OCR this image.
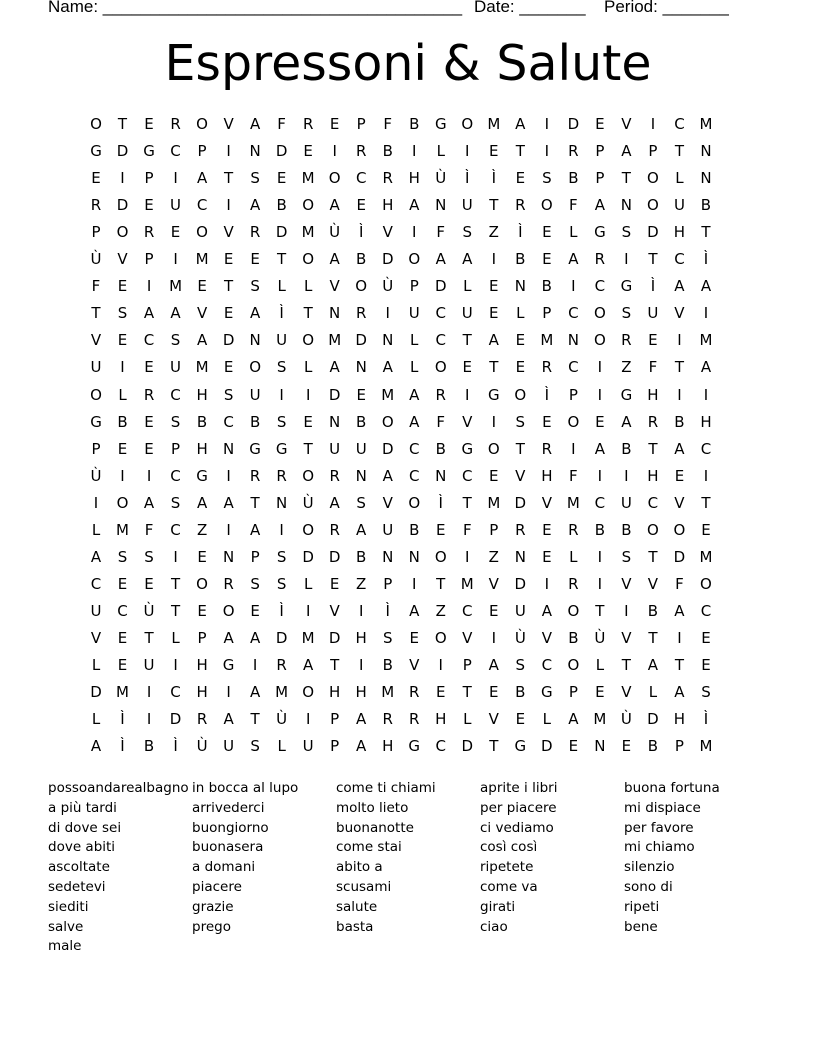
Name: ______________________________________ Date: _______ Period: _______
Espressoni & Salute
O	T	E	R	O	V	A	F	R	E	P	F	B	G O M A	I	D	E	V	I	C M
G D G	C	P	I	N D	E	I	R	B	I	L	I	E	T	I	R	P	A	P	T	N
E	I	P	I	A	T	S	E	M O	C	R	H	Ù	Ì	Ì	E	S	B	P	T	O	L	N
R	D	E	U	C	I	A	B	O	A	E	H	A	N	U	T	R	O	F	A	N O	U	B
P	O	R	E	O	V	R	D M Ù	Ì	V	I	F	S	Z	Ì	E	L	G	S	D H	T
Ù	V	P	I	M	E	E	T	O	A	B	D O	A	A	I	B	E	A	R	I	T	C	Ì
F	E	I	M	E	T	S	L	L	V	O	Ù	P	D	L	E	N	B	I	C	G	Ì	A	A
T	S	A	A	V	E	A	Ì	T	N	R	I	U	C	U	E	L	P	C	O	S	U	V	I
V	E	C	S	A	D N	U	O M D N	L	C	T	A	E	M N O	R	E	I	M
U	I	E	U M	E	O	S	L	A	N	A	L	O	E	T	E	R	C	I	Z	F	T	A
O	L	R	C	H	S	U	I	I	D	E	M A	R	I	G O	Ì	P	I	G H	I	I
G	B	E	S	B	C	B	S	E	N	B	O	A	F	V	I	S	E	O	E	A	R	B	H
P	E	E	P	H N G G	T	U	U	D	C	B	G O	T	R	I	A	B	T	A	C
Ù	I	I	C	G	I	R	R	O	R	N	A	C	N	C	E	V	H	F	I	I	H	E	I
I	O	A	S	A	A	T	N	Ù	A	S	V	O	Ì	T	M D	V M C	U	C	V	T
L	M	F	C	Z	I	A	I	O	R	A	U	B	E	F	P	R	E	R	B	B	O O	E
A	S	S	I	E	N	P	S	D D	B	N N O	I	Z	N	E	L	I	S	T	D M
C	E	E	T	O	R	S	S	L	E	Z	P	I	T	M V	D	I	R	I	V	V	F	O
U	C	Ù	T	E	O	E	Ì	I	V	I	Ì	A	Z	C	E	U	A	O	T	I	B	A	C
V	E	T	L	P	A	A	D M D H	S	E	O	V	I	Ù	V	B	Ù	V	T	I	E
L	E	U	I	H G	I	R	A	T	I	B	V	I	P	A	S	C	O	L	T	A	T	E
D M	I	C	H	I	A M O H H M R	E	T	E	B	G	P	E	V	L	A	S
L	Ì	I	D	R	A	T	Ù	I	P	A	R	R	H	L	V	E	L	A M Ù	D H	Ì
A	Ì	B	Ì	Ù	U	S	L	U	P	A	H G	C	D	T	G D	E	N	E	B	P	M
possoandarealbagno
a più tardi
di dove sei
dove abiti
ascoltate
sedetevi
siediti
salve
male
in bocca al lupo
arrivederci
buongiorno
buonasera
a domani
piacere
grazie
prego
come ti chiami
molto lieto
buonanotte
come stai
abito a
scusami
salute
basta
aprite i libri
per piacere
ci vediamo
così così
ripetete
come va
girati
ciao
buona fortuna
mi dispiace
per favore
mi chiamo
silenzio
sono di
ripeti
bene
